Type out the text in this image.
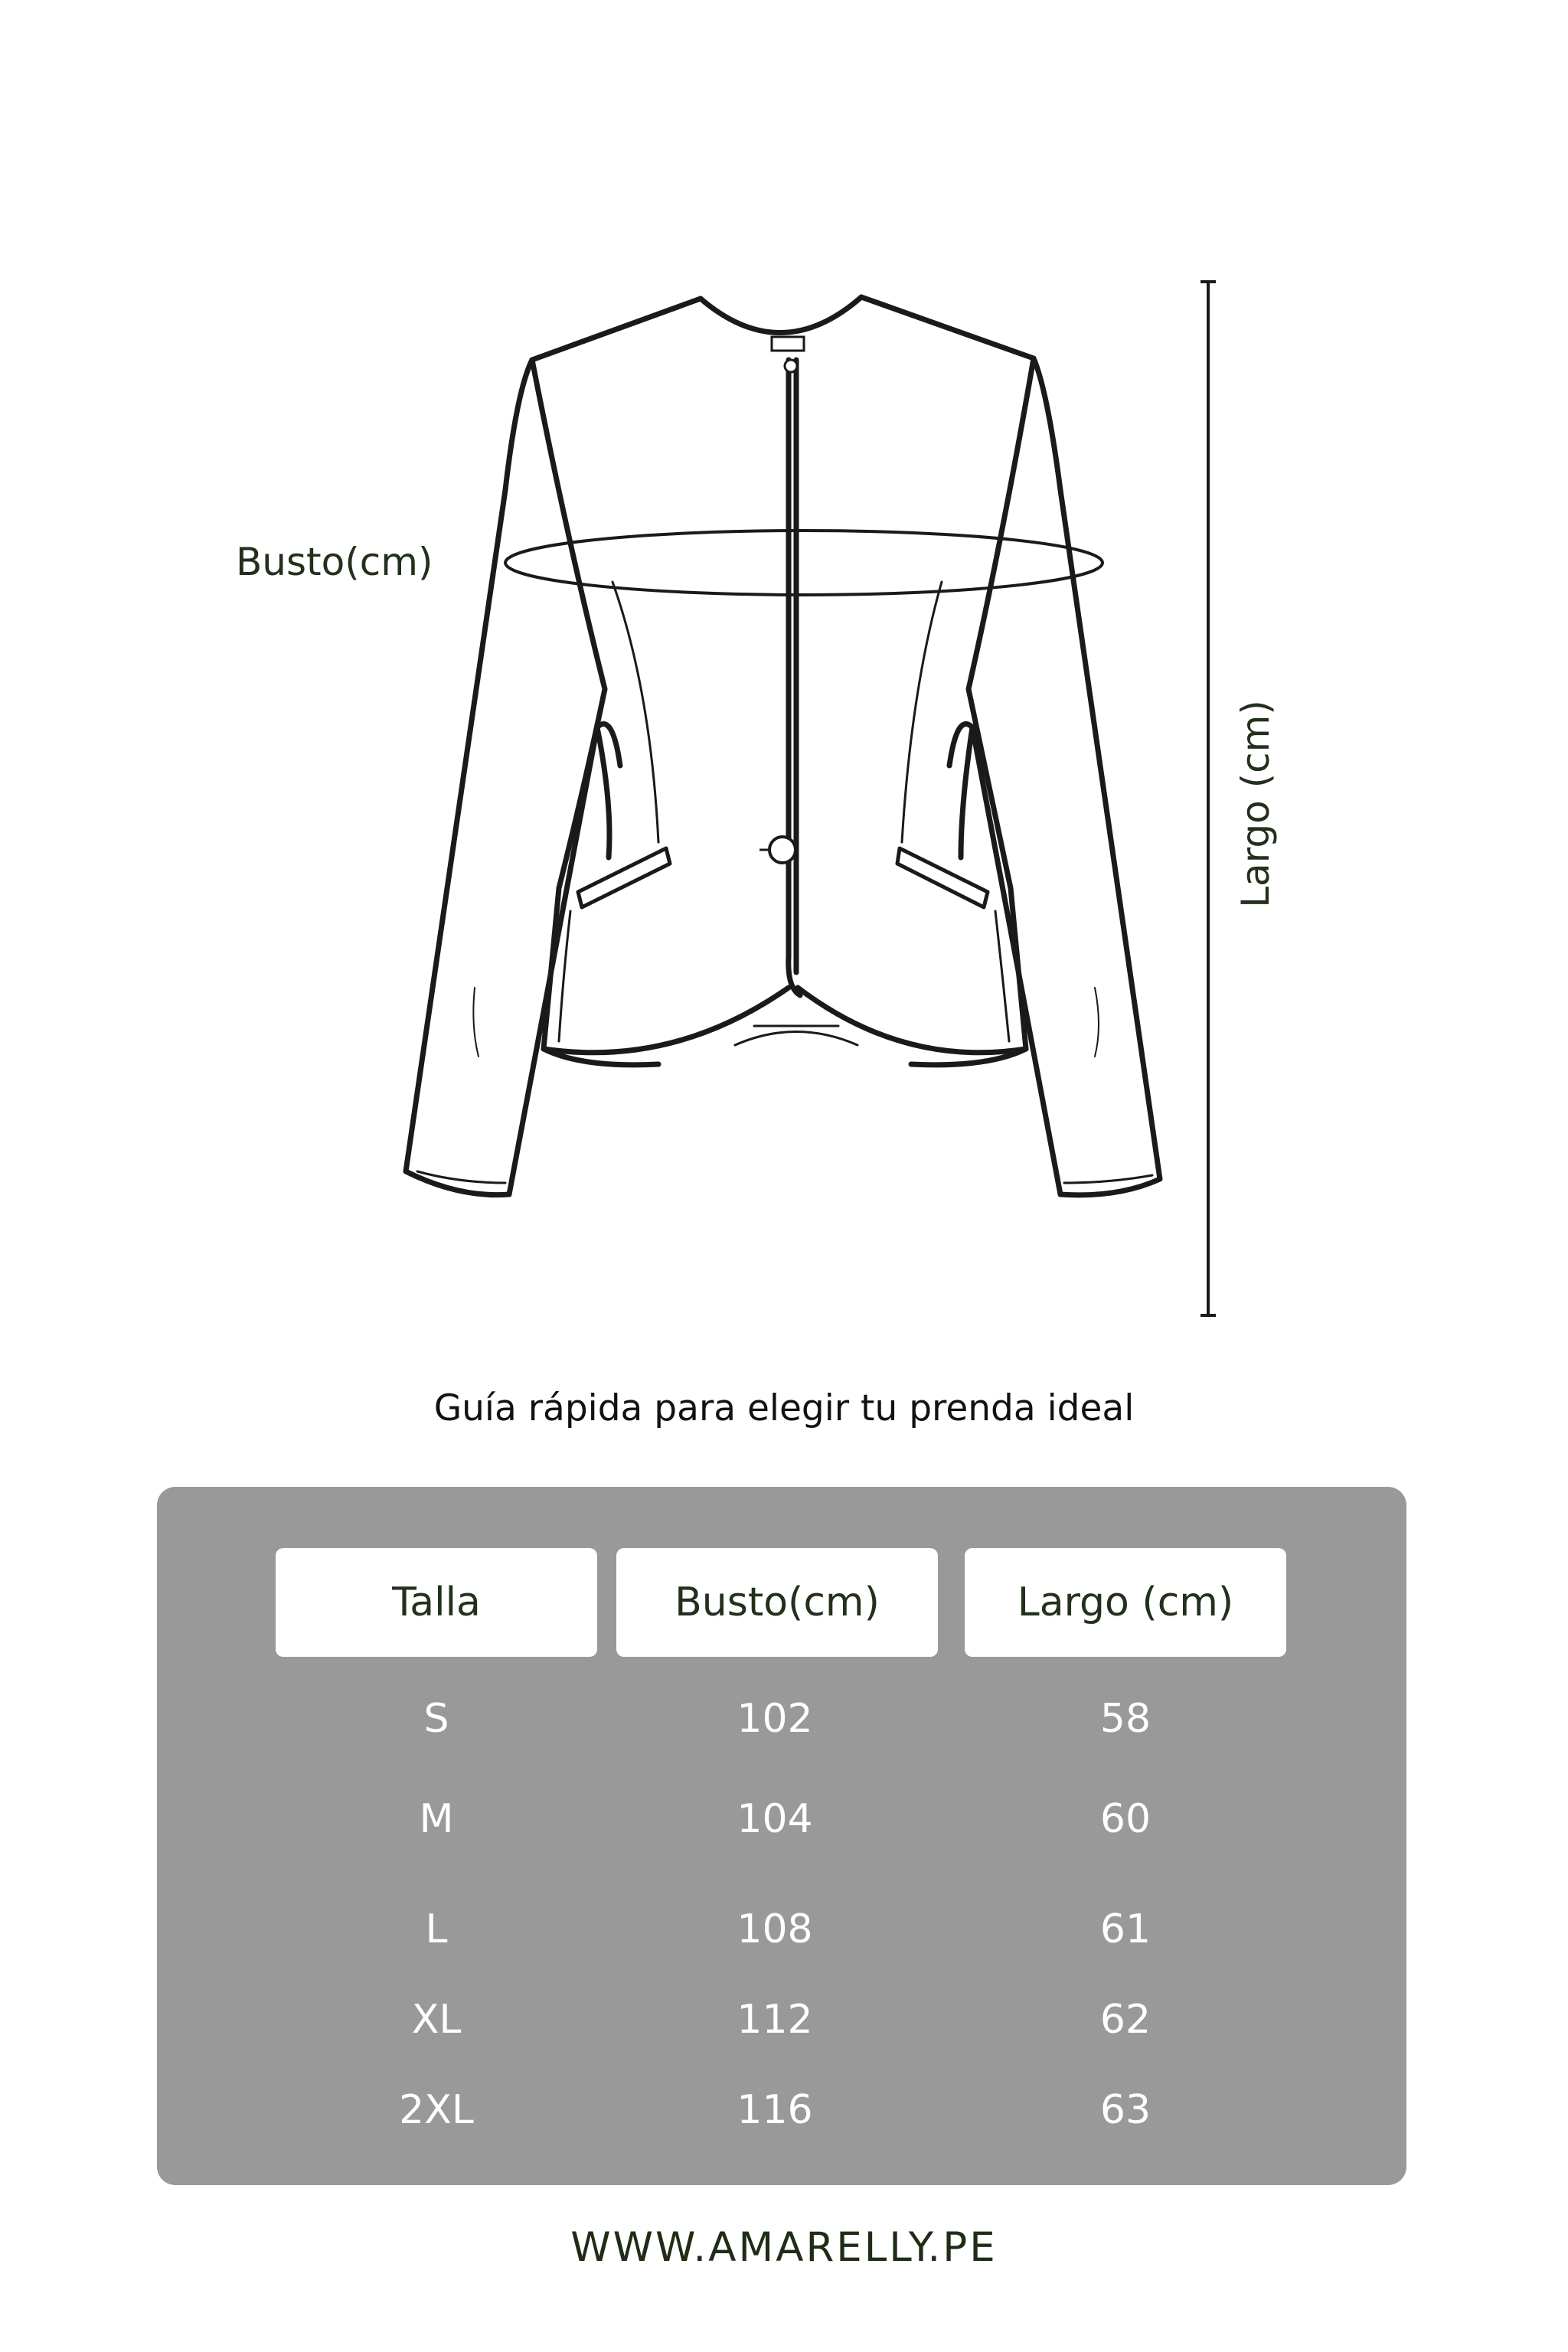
Busto(cm)
Largo (cm)
Guía rápida para elegir tu prenda ideal
Talla	Busto(cm)	Largo (cm)
S	102	58
M	104	60
L	108	61
XL	112	62
2XL	116	63
WWW.AMARELLY.PE
